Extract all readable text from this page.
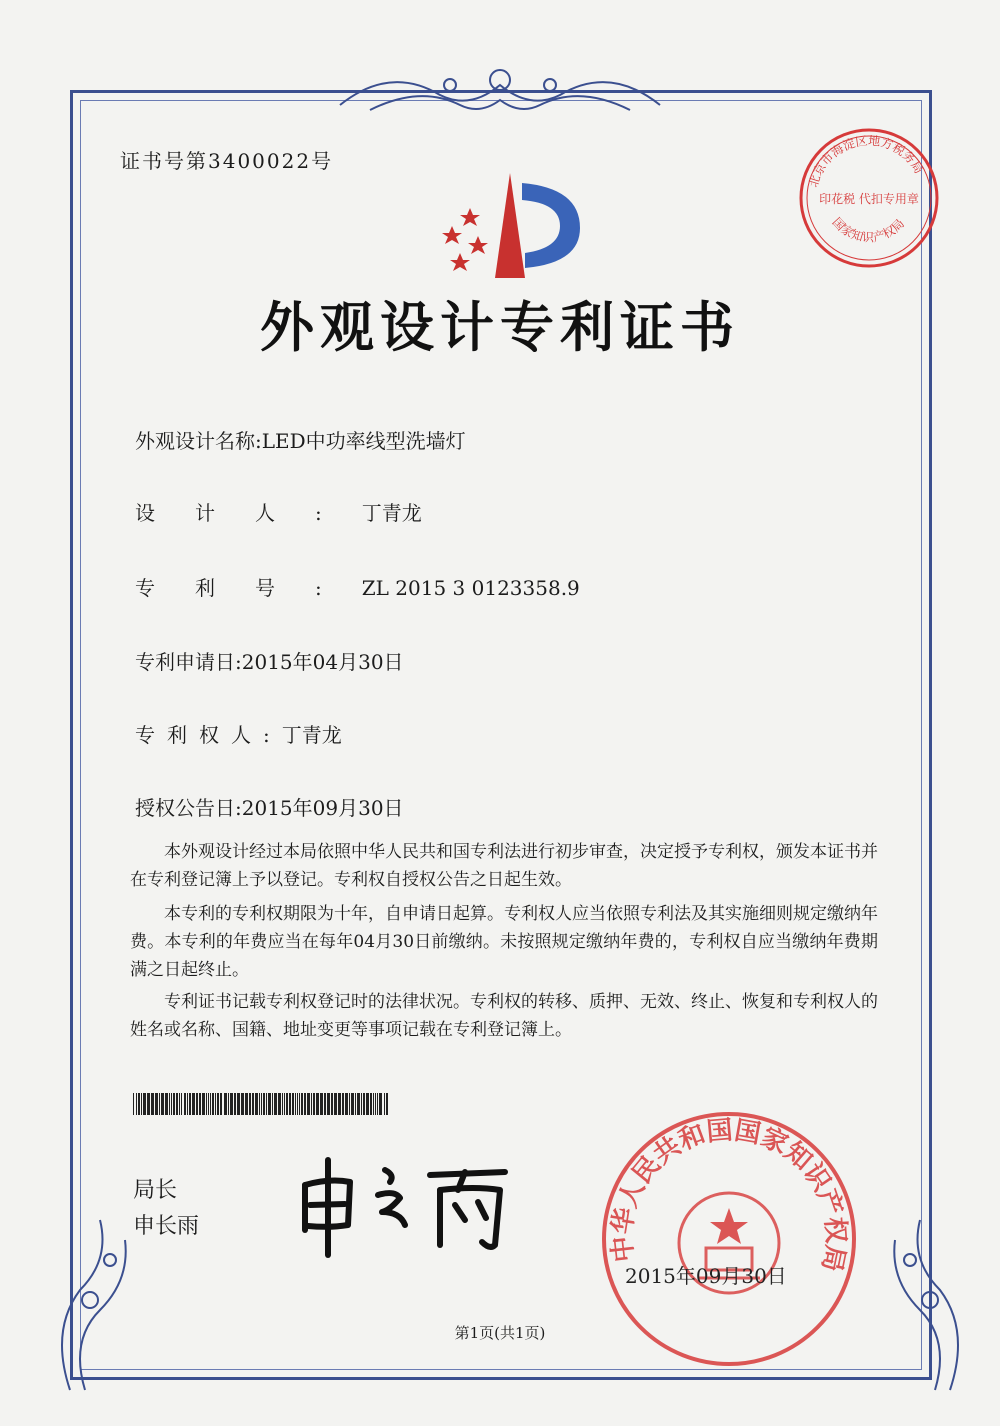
证书号第3400022号
北京市海淀区地方税务局
印花税 代扣专用章
国家知识产权局
外观设计专利证书
外观设计名称:LED中功率线型洗墙灯
设计人:丁青龙
专利号:ZL 2015 3 0123358.9
专利申请日:2015年04月30日
专利权人:丁青龙
授权公告日:2015年09月30日
本外观设计经过本局依照中华人民共和国专利法进行初步审查，决定授予专利权，颁发本证书并在专利登记簿上予以登记。专利权自授权公告之日起生效。
本专利的专利权期限为十年，自申请日起算。专利权人应当依照专利法及其实施细则规定缴纳年费。本专利的年费应当在每年04月30日前缴纳。未按照规定缴纳年费的，专利权自应当缴纳年费期满之日起终止。
专利证书记载专利权登记时的法律状况。专利权的转移、质押、无效、终止、恢复和专利权人的姓名或名称、国籍、地址变更等事项记载在专利登记簿上。
局长
申长雨
中华人民共和国国家知识产权局
2015年09月30日
第1页(共1页)
